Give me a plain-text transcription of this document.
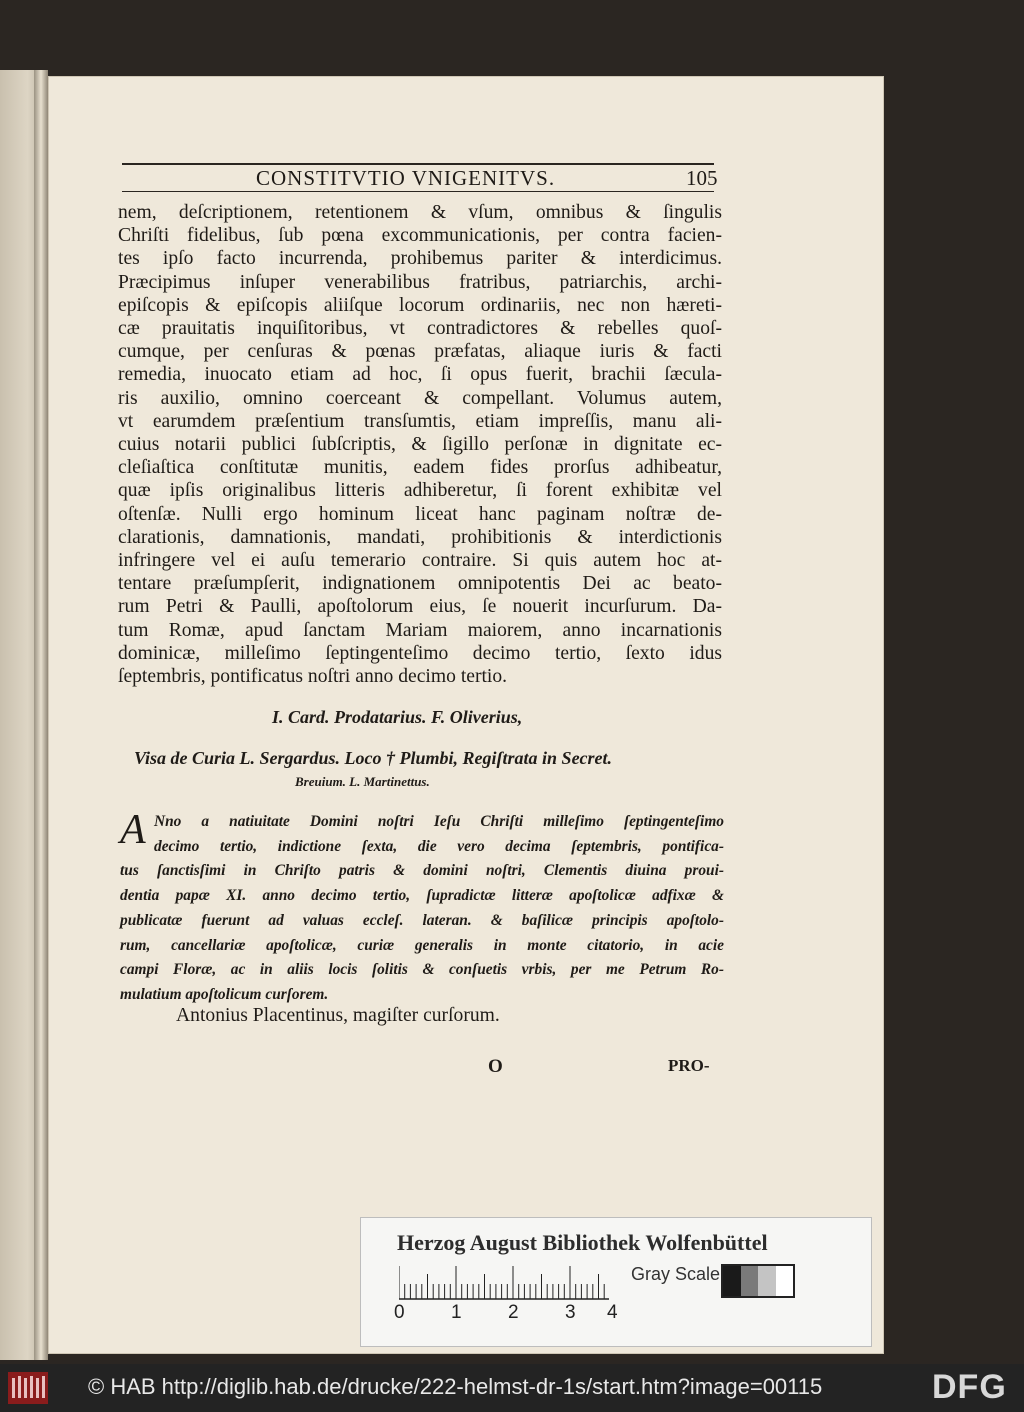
CONSTITVTIO VNIGENITVS.	105
nem, deſcriptionem, retentionem & vſum, omnibus & ſingulis
Chriſti fidelibus, ſub pœna excommunicationis, per contra facien-
tes ipſo facto incurrenda, prohibemus pariter & interdicimus.
Præcipimus inſuper venerabilibus fratribus, patriarchis, archi-
epiſcopis & epiſcopis aliiſque locorum ordinariis, nec non hæreti-
cæ prauitatis inquiſitoribus, vt contradictores & rebelles quoſ-
cumque, per cenſuras & pœnas præfatas, aliaque iuris & facti
remedia, inuocato etiam ad hoc, ſi opus fuerit, brachii ſæcula-
ris auxilio, omnino coerceant & compellant. Volumus autem,
vt earumdem præſentium transſumtis, etiam impreſſis, manu ali-
cuius notarii publici ſubſcriptis, & ſigillo perſonæ in dignitate ec-
cleſiaſtica conſtitutæ munitis, eadem fides prorſus adhibeatur,
quæ ipſis originalibus litteris adhiberetur, ſi forent exhibitæ vel
oſtenſæ. Nulli ergo hominum liceat hanc paginam noſtræ de-
clarationis, damnationis, mandati, prohibitionis & interdictionis
infringere vel ei auſu temerario contraire. Si quis autem hoc at-
tentare præſumpſerit, indignationem omnipotentis Dei ac beato-
rum Petri & Paulli, apoſtolorum eius, ſe nouerit incurſurum. Da-
tum Romæ, apud ſanctam Mariam maiorem, anno incarnationis
dominicæ, milleſimo ſeptingenteſimo decimo tertio, ſexto idus
ſeptembris, pontificatus noſtri anno decimo tertio.
I. Card. Prodatarius. F. Oliverius,
Visa de Curia L. Sergardus. Loco † Plumbi, Regiſtrata in Secret.
Breuium. L. Martinettus.
A Nno a natiuitate Domini noſtri Ieſu Chriſti milleſimo ſeptingenteſimo
decimo tertio, indictione ſexta, die vero decima ſeptembris, pontifica-
tus ſanctisſimi in Chriſto patris & domini noſtri, Clementis diuina proui-
dentia papæ XI. anno decimo tertio, ſupradictæ litteræ apoſtolicæ adfixæ &
publicatæ fuerunt ad valuas eccleſ. lateran. & baſilicæ principis apoſtolo-
rum, cancellariæ apoſtolicæ, curiæ generalis in monte citatorio, in acie
campi Floræ, ac in aliis locis ſolitis & conſuetis vrbis, per me Petrum Ro-
mulatium apoſtolicum curſorem.
Antonius Placentinus, magiſter curſorum.
O	PRO-
Herzog August Bibliothek Wolfenbüttel
0 1 2 3 4
Gray Scale
© HAB http://diglib.hab.de/drucke/222-helmst-dr-1s/start.htm?image=00115	DFG
